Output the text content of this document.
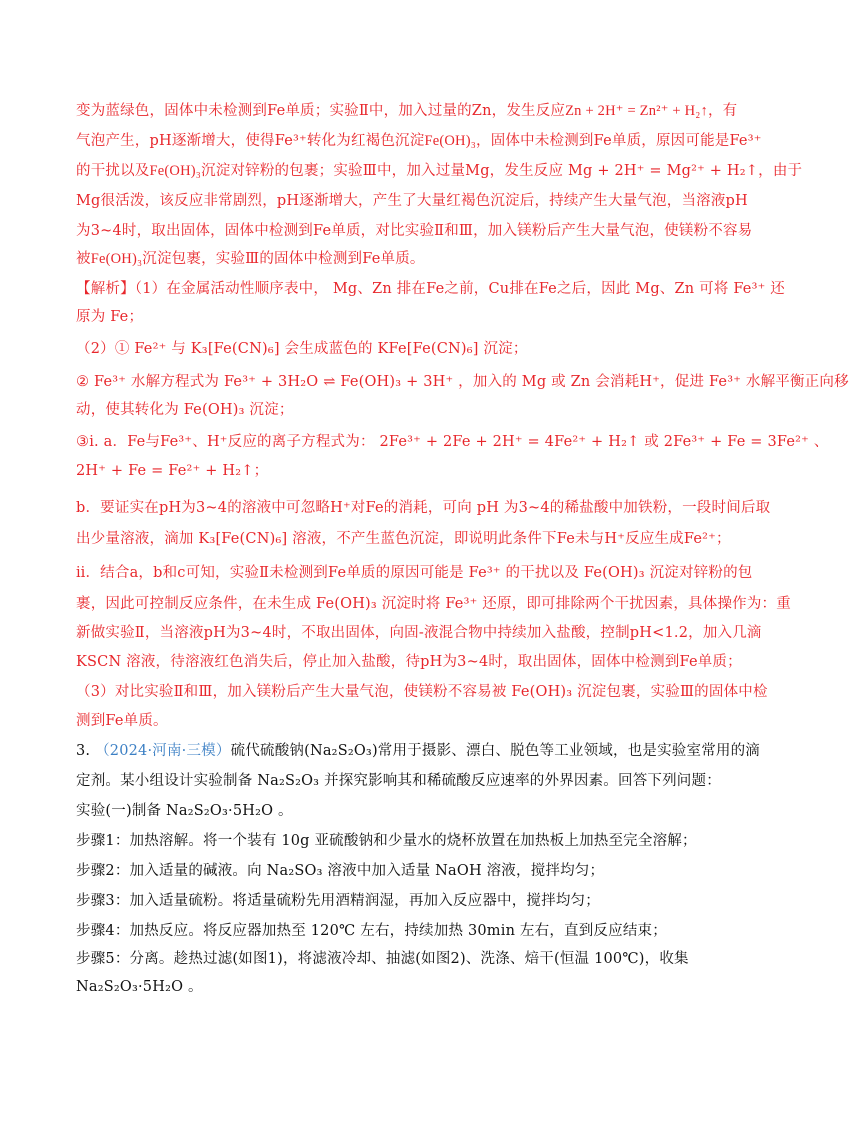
变为蓝绿色，固体中未检测到Fe单质；实验Ⅱ中，加入过量的Zn，发生反应Zn + 2H⁺ = Zn²⁺ + H₂↑，有
气泡产生，pH逐渐增大，使得Fe³⁺转化为红褐色沉淀Fe(OH)₃，固体中未检测到Fe单质，原因可能是Fe³⁺
的干扰以及Fe(OH)₃沉淀对锌粉的包裹；实验Ⅲ中，加入过量Mg，发生反应 Mg + 2H⁺ = Mg²⁺ + H₂↑，由于
Mg很活泼，该反应非常剧烈，pH逐渐增大，产生了大量红褐色沉淀后，持续产生大量气泡，当溶液pH
为3~4时，取出固体，固体中检测到Fe单质，对比实验Ⅱ和Ⅲ，加入镁粉后产生大量气泡，使镁粉不容易
被Fe(OH)₃沉淀包裹，实验Ⅲ的固体中检测到Fe单质。
【解析】（1）在金属活动性顺序表中， Mg、Zn 排在Fe之前，Cu排在Fe之后，因此 Mg、Zn 可将 Fe³⁺ 还
原为 Fe；
（2）① Fe²⁺ 与 K₃[Fe(CN)₆] 会生成蓝色的 KFe[Fe(CN)₆] 沉淀；
② Fe³⁺ 水解方程式为 Fe³⁺ + 3H₂O ⇌ Fe(OH)₃ + 3H⁺ ，加入的 Mg 或 Zn 会消耗H⁺，促进 Fe³⁺ 水解平衡正向移
动，使其转化为 Fe(OH)₃ 沉淀；
③ⅰ. a．Fe与Fe³⁺、H⁺反应的离子方程式为： 2Fe³⁺ + 2Fe + 2H⁺ = 4Fe²⁺ + H₂↑ 或 2Fe³⁺ + Fe = 3Fe²⁺ 、
2H⁺ + Fe = Fe²⁺ + H₂↑；
b．要证实在pH为3~4的溶液中可忽略H⁺对Fe的消耗，可向 pH 为3~4的稀盐酸中加铁粉，一段时间后取
出少量溶液，滴加 K₃[Fe(CN)₆] 溶液，不产生蓝色沉淀，即说明此条件下Fe未与H⁺反应生成Fe²⁺；
ⅱ．结合a，b和c可知，实验Ⅱ未检测到Fe单质的原因可能是 Fe³⁺ 的干扰以及 Fe(OH)₃ 沉淀对锌粉的包
裹，因此可控制反应条件，在未生成 Fe(OH)₃ 沉淀时将 Fe³⁺ 还原，即可排除两个干扰因素，具体操作为：重
新做实验Ⅱ，当溶液pH为3~4时，不取出固体，向固-液混合物中持续加入盐酸，控制pH<1.2，加入几滴
KSCN 溶液，待溶液红色消失后，停止加入盐酸，待pH为3~4时，取出固体，固体中检测到Fe单质；
（3）对比实验Ⅱ和Ⅲ，加入镁粉后产生大量气泡，使镁粉不容易被 Fe(OH)₃ 沉淀包裹，实验Ⅲ的固体中检
测到Fe单质。
3. （2024·河南·三模）硫代硫酸钠(Na₂S₂O₃)常用于摄影、漂白、脱色等工业领域，也是实验室常用的滴
定剂。某小组设计实验制备 Na₂S₂O₃ 并探究影响其和稀硫酸反应速率的外界因素。回答下列问题：
实验(一)制备 Na₂S₂O₃·5H₂O 。
步骤1：加热溶解。将一个装有 10g 亚硫酸钠和少量水的烧杯放置在加热板上加热至完全溶解；
步骤2：加入适量的碱液。向 Na₂SO₃ 溶液中加入适量 NaOH 溶液，搅拌均匀；
步骤3：加入适量硫粉。将适量硫粉先用酒精润湿，再加入反应器中，搅拌均匀；
步骤4：加热反应。将反应器加热至 120℃ 左右，持续加热 30min 左右，直到反应结束；
步骤5：分离。趁热过滤(如图1)，将滤液冷却、抽滤(如图2)、洗涤、焙干(恒温 100℃)，收集
Na₂S₂O₃·5H₂O 。
